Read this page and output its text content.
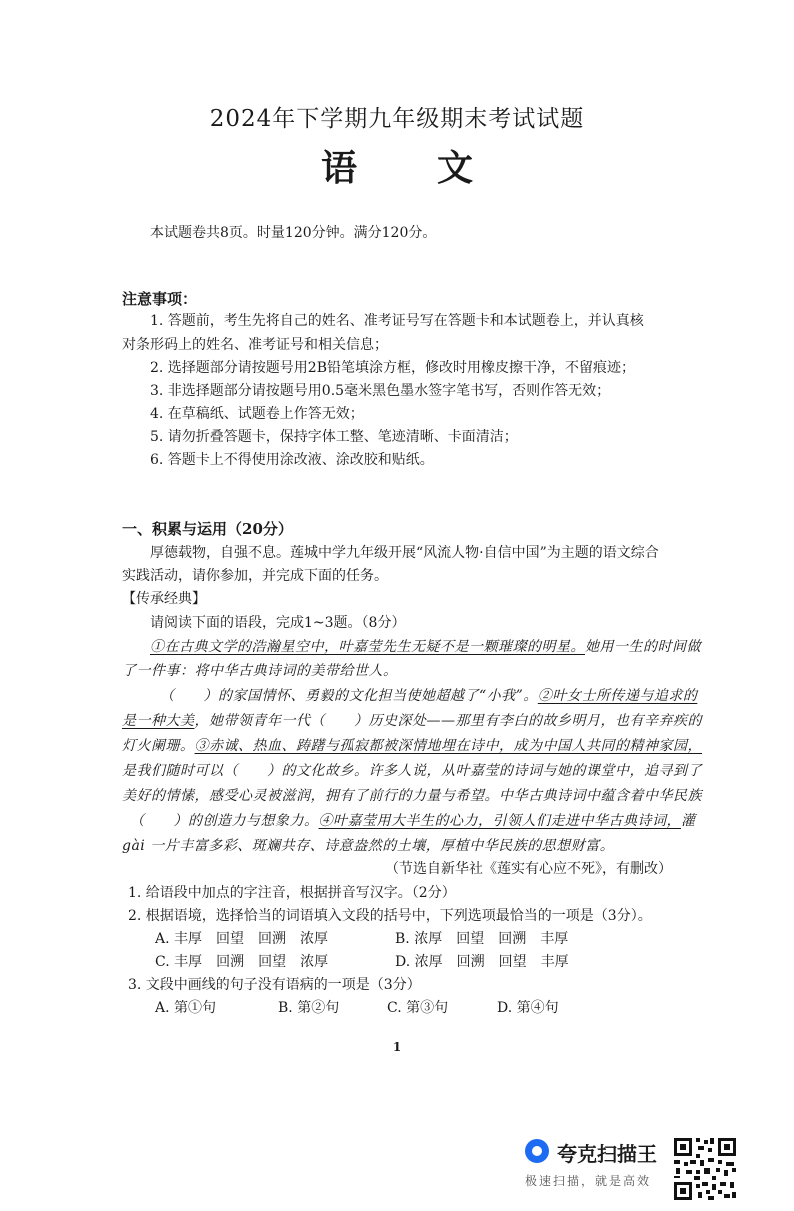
2024年下学期九年级期末考试试题
语文
本试题卷共8页。时量120分钟。满分120分。
注意事项：
1. 答题前，考生先将自己的姓名、准考证号写在答题卡和本试题卷上，并认真核
对条形码上的姓名、准考证号和相关信息；
2. 选择题部分请按题号用2B铅笔填涂方框，修改时用橡皮擦干净，不留痕迹；
3. 非选择题部分请按题号用0.5毫米黑色墨水签字笔书写，否则作答无效；
4. 在草稿纸、试题卷上作答无效；
5. 请勿折叠答题卡，保持字体工整、笔迹清晰、卡面清洁；
6. 答题卡上不得使用涂改液、涂改胶和贴纸。
一、积累与运用（20分）
厚德载物，自强不息。莲城中学九年级开展“风流人物·自信中国”为主题的语文综合
实践活动，请你参加，并完成下面的任务。
【传承经典】
请阅读下面的语段，完成1~3题。（8分）
①在古典文学的浩瀚星空中，叶嘉莹先生无疑不是一颗璀璨的明星。她用一生的时间做
了一件事：将中华古典诗词的美带给世人。
（　　）的家国情怀、勇毅的文化担当使她超越了“小我”。②叶女士所传递与追求的
是一种大美，她带领青年一代（　　）历史深处——那里有李白的故乡明月，也有辛弃疾的
灯火阑珊。③赤诚、热血、踌躇与孤寂都被深情地埋在诗中，成为中国人共同的精神家园，
是我们随时可以（　　）的文化故乡。许多人说，从叶嘉莹的诗词与她的课堂中，追寻到了
美好的情愫，感受心灵被滋润，拥有了前行的力量与希望。中华古典诗词中蕴含着中华民族
（　　）的创造力与想象力。④叶嘉莹用大半生的心力，引领人们走进中华古典诗词，灌
gài 一片丰富多彩、斑斓共存、诗意盎然的土壤，厚植中华民族的思想财富。
（节选自新华社《莲实有心应不死》，有删改）
1. 给语段中加点的字注音，根据拼音写汉字。（2分）
2. 根据语境，选择恰当的词语填入文段的括号中，下列选项最恰当的一项是（3分）。
A. 丰厚　回望　回溯　浓厚	B. 浓厚　回望　回溯　丰厚
C. 丰厚　回溯　回望　浓厚	D. 浓厚　回溯　回望　丰厚
3. 文段中画线的句子没有语病的一项是（3分）
A. 第①句	B. 第②句	C. 第③句	D. 第④句
1
夸克扫描王
极速扫描，就是高效
